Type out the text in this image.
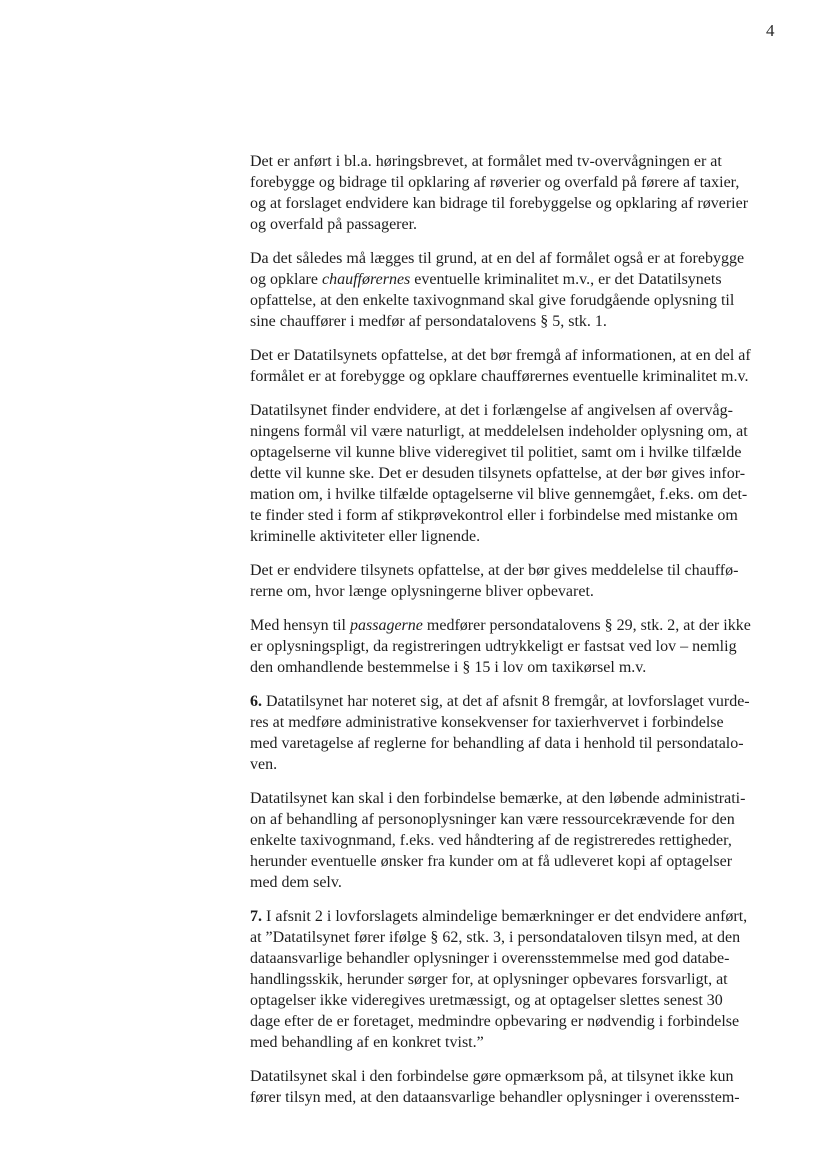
4
Det er anført i bl.a. høringsbrevet, at formålet med tv-overvågningen er at
forebygge og bidrage til opklaring af røverier og overfald på førere af taxier,
og at forslaget endvidere kan bidrage til forebyggelse og opklaring af røverier
og overfald på passagerer.
Da det således må lægges til grund, at en del af formålet også er at forebygge
og opklare chaufførernes eventuelle kriminalitet m.v., er det Datatilsynets
opfattelse, at den enkelte taxivognmand skal give forudgående oplysning til
sine chauffører i medfør af persondatalovens § 5, stk. 1.
Det er Datatilsynets opfattelse, at det bør fremgå af informationen, at en del af
formålet er at forebygge og opklare chaufførernes eventuelle kriminalitet m.v.
Datatilsynet finder endvidere, at det i forlængelse af angivelsen af overvåg-
ningens formål vil være naturligt, at meddelelsen indeholder oplysning om, at
optagelserne vil kunne blive videregivet til politiet, samt om i hvilke tilfælde
dette vil kunne ske. Det er desuden tilsynets opfattelse, at der bør gives infor-
mation om, i hvilke tilfælde optagelserne vil blive gennemgået, f.eks. om det-
te finder sted i form af stikprøvekontrol eller i forbindelse med mistanke om
kriminelle aktiviteter eller lignende.
Det er endvidere tilsynets opfattelse, at der bør gives meddelelse til chauffø-
rerne om, hvor længe oplysningerne bliver opbevaret.
Med hensyn til passagerne medfører persondatalovens § 29, stk. 2, at der ikke
er oplysningspligt, da registreringen udtrykkeligt er fastsat ved lov – nemlig
den omhandlende bestemmelse i § 15 i lov om taxikørsel m.v.
6. Datatilsynet har noteret sig, at det af afsnit 8 fremgår, at lovforslaget vurde-
res at medføre administrative konsekvenser for taxierhvervet i forbindelse
med varetagelse af reglerne for behandling af data i henhold til persondatalo-
ven.
Datatilsynet kan skal i den forbindelse bemærke, at den løbende administrati-
on af behandling af personoplysninger kan være ressourcekrævende for den
enkelte taxivognmand, f.eks. ved håndtering af de registreredes rettigheder,
herunder eventuelle ønsker fra kunder om at få udleveret kopi af optagelser
med dem selv.
7. I afsnit 2 i lovforslagets almindelige bemærkninger er det endvidere anført,
at ”Datatilsynet fører ifølge § 62, stk. 3, i persondataloven tilsyn med, at den
dataansvarlige behandler oplysninger i overensstemmelse med god databe-
handlingsskik, herunder sørger for, at oplysninger opbevares forsvarligt, at
optagelser ikke videregives uretmæssigt, og at optagelser slettes senest 30
dage efter de er foretaget, medmindre opbevaring er nødvendig i forbindelse
med behandling af en konkret tvist.”
Datatilsynet skal i den forbindelse gøre opmærksom på, at tilsynet ikke kun
fører tilsyn med, at den dataansvarlige behandler oplysninger i overensstem-
